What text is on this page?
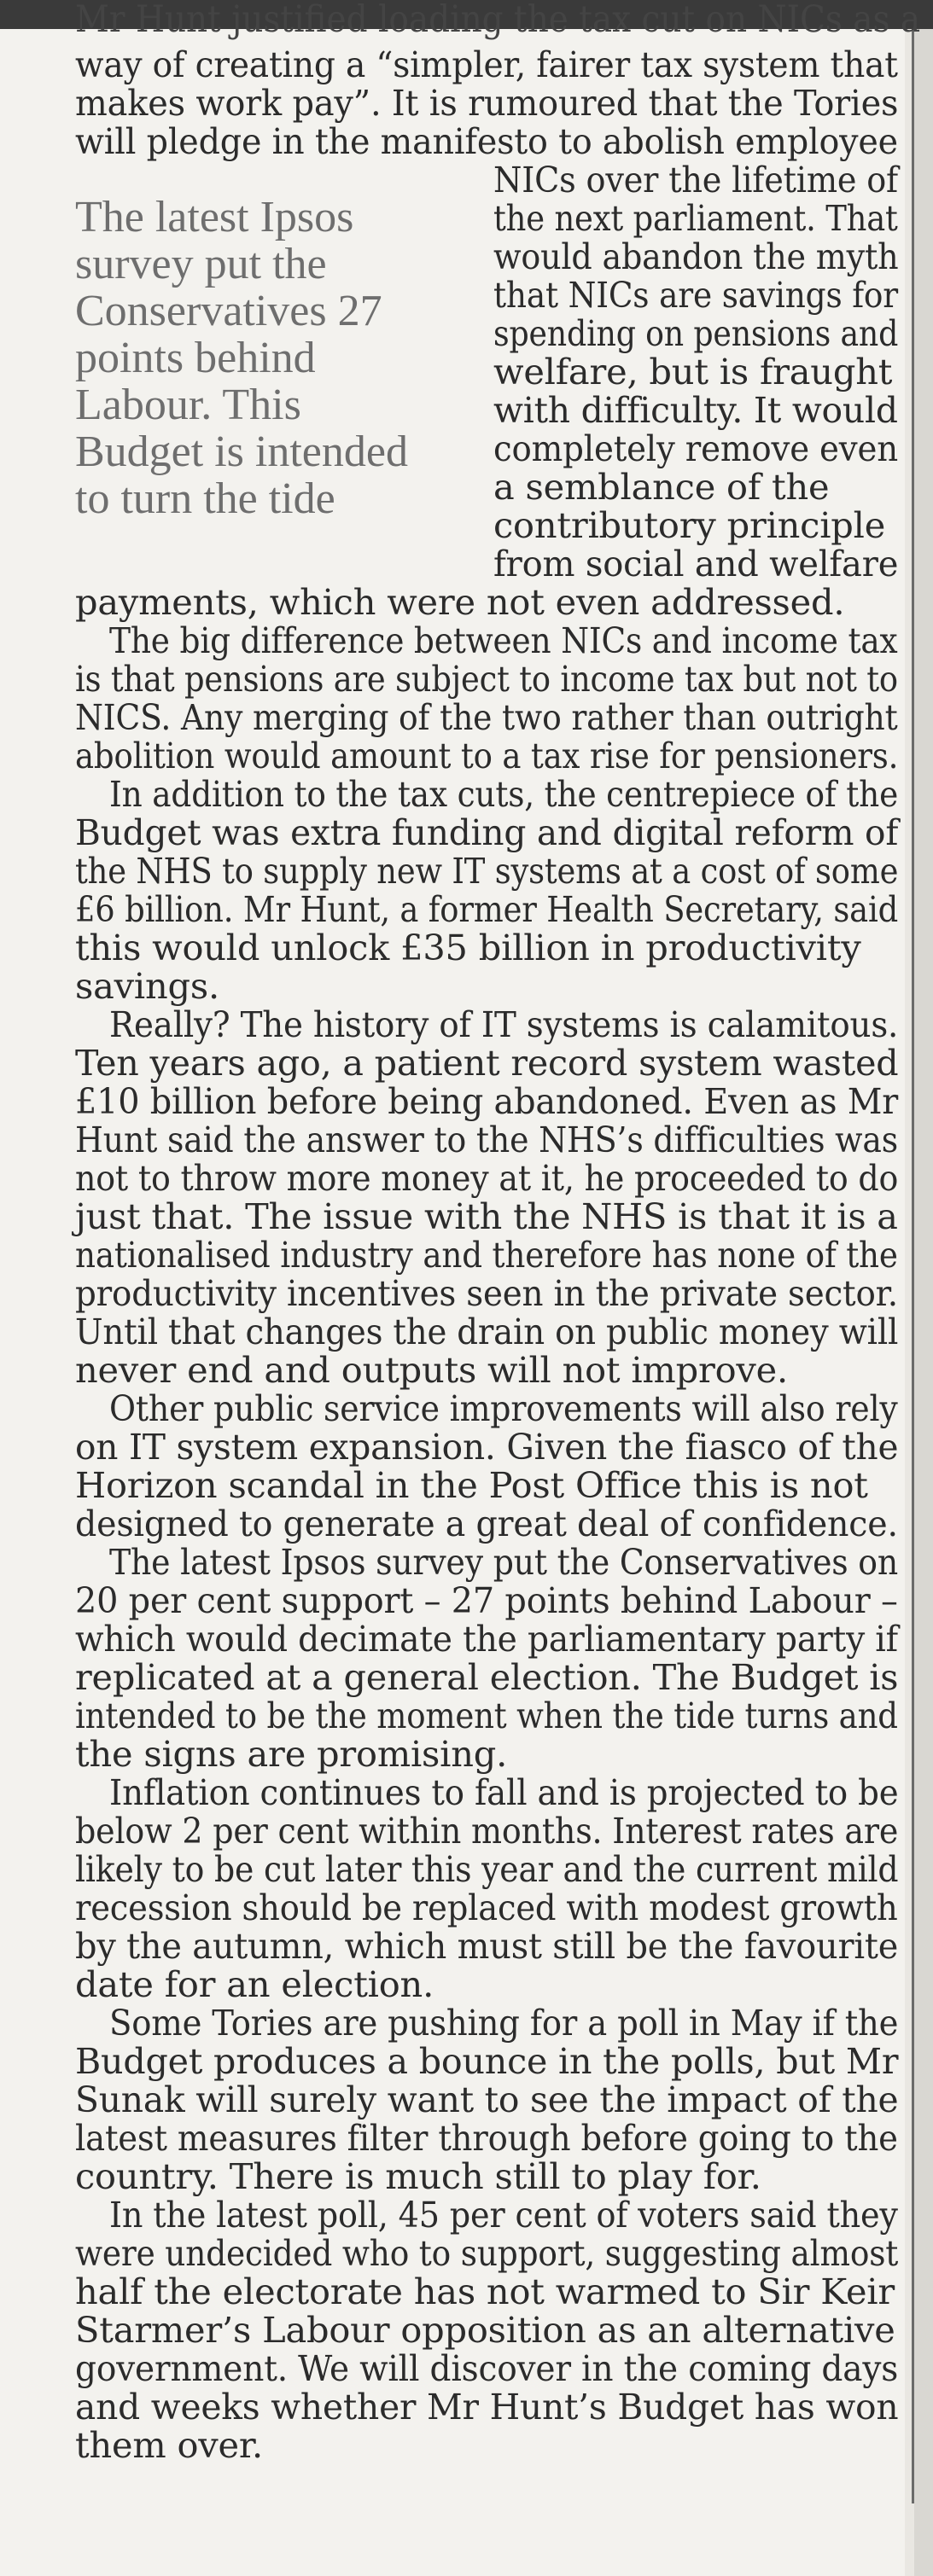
Mr Hunt justified loading the tax cut on NICs as a
The latest Ipsos
survey put the
Conservatives 27
points behind
Labour. This
Budget is intended
to turn the tide
way of creating a “simpler, fairer tax system that
makes work pay”. It is rumoured that the Tories
will pledge in the manifesto to abolish employee
NICs over the lifetime of
the next parliament. That
would abandon the myth
that NICs are savings for
spending on pensions and
welfare, but is fraught
with difficulty. It would
completely remove even
a semblance of the
contributory principle
from social and welfare
payments, which were not even addressed.
The big difference between NICs and income tax
is that pensions are subject to income tax but not to
NICS. Any merging of the two rather than outright
abolition would amount to a tax rise for pensioners.
In addition to the tax cuts, the centrepiece of the
Budget was extra funding and digital reform of
the NHS to supply new IT systems at a cost of some
£6 billion. Mr Hunt, a former Health Secretary, said
this would unlock £35 billion in productivity
savings.
Really? The history of IT systems is calamitous.
Ten years ago, a patient record system wasted
£10 billion before being abandoned. Even as Mr
Hunt said the answer to the NHS’s difficulties was
not to throw more money at it, he proceeded to do
just that. The issue with the NHS is that it is a
nationalised industry and therefore has none of the
productivity incentives seen in the private sector.
Until that changes the drain on public money will
never end and outputs will not improve.
Other public service improvements will also rely
on IT system expansion. Given the fiasco of the
Horizon scandal in the Post Office this is not
designed to generate a great deal of confidence.
The latest Ipsos survey put the Conservatives on
20 per cent support – 27 points behind Labour –
which would decimate the parliamentary party if
replicated at a general election. The Budget is
intended to be the moment when the tide turns and
the signs are promising.
Inflation continues to fall and is projected to be
below 2 per cent within months. Interest rates are
likely to be cut later this year and the current mild
recession should be replaced with modest growth
by the autumn, which must still be the favourite
date for an election.
Some Tories are pushing for a poll in May if the
Budget produces a bounce in the polls, but Mr
Sunak will surely want to see the impact of the
latest measures filter through before going to the
country. There is much still to play for.
In the latest poll, 45 per cent of voters said they
were undecided who to support, suggesting almost
half the electorate has not warmed to Sir Keir
Starmer’s Labour opposition as an alternative
government. We will discover in the coming days
and weeks whether Mr Hunt’s Budget has won
them over.
